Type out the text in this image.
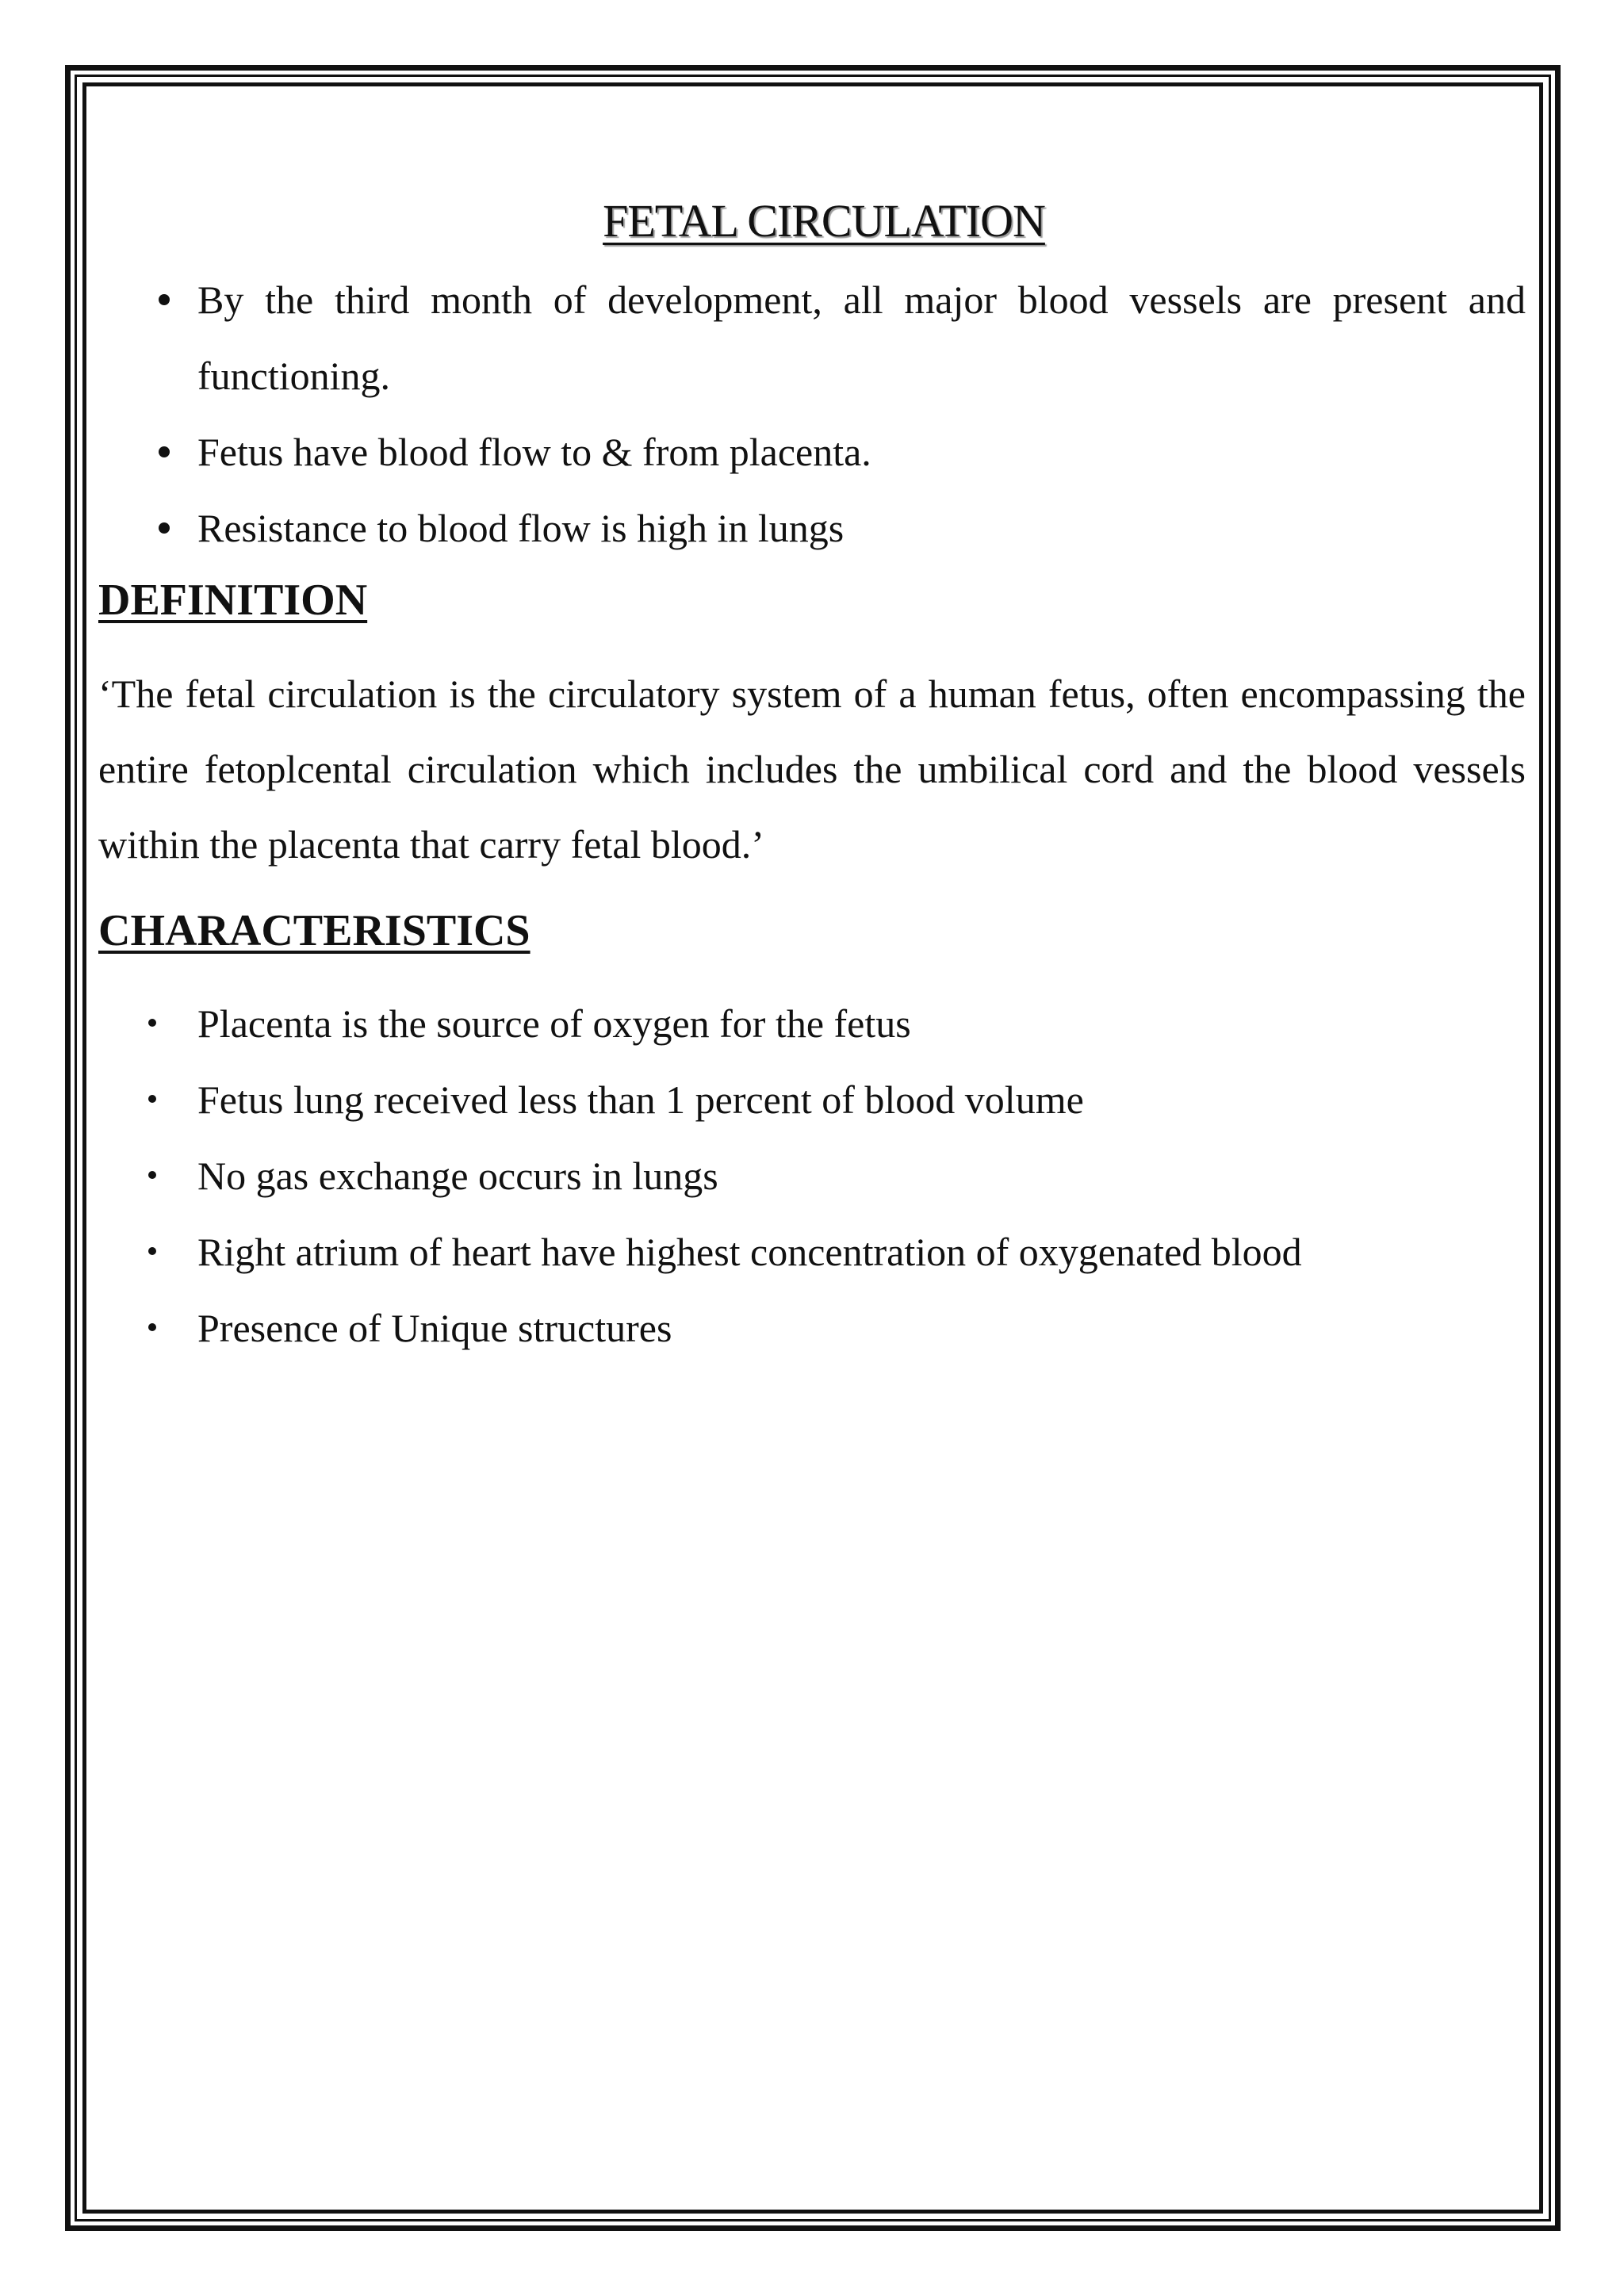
FETAL CIRCULATION
By the third month of development, all major blood vessels are present and functioning.
Fetus have blood flow to & from placenta.
Resistance to blood flow is high in lungs
DEFINITION

‘The fetal circulation is the circulatory system of a human fetus, often encompassing the entire fetoplcental circulation which includes the umbilical cord and the blood vessels within the placenta that carry fetal blood.’

CHARACTERISTICS
Placenta is the source of oxygen for the fetus
Fetus lung received less than 1 percent of blood volume
No gas exchange occurs in lungs
Right atrium of heart have highest concentration of oxygenated blood
Presence of Unique structures
